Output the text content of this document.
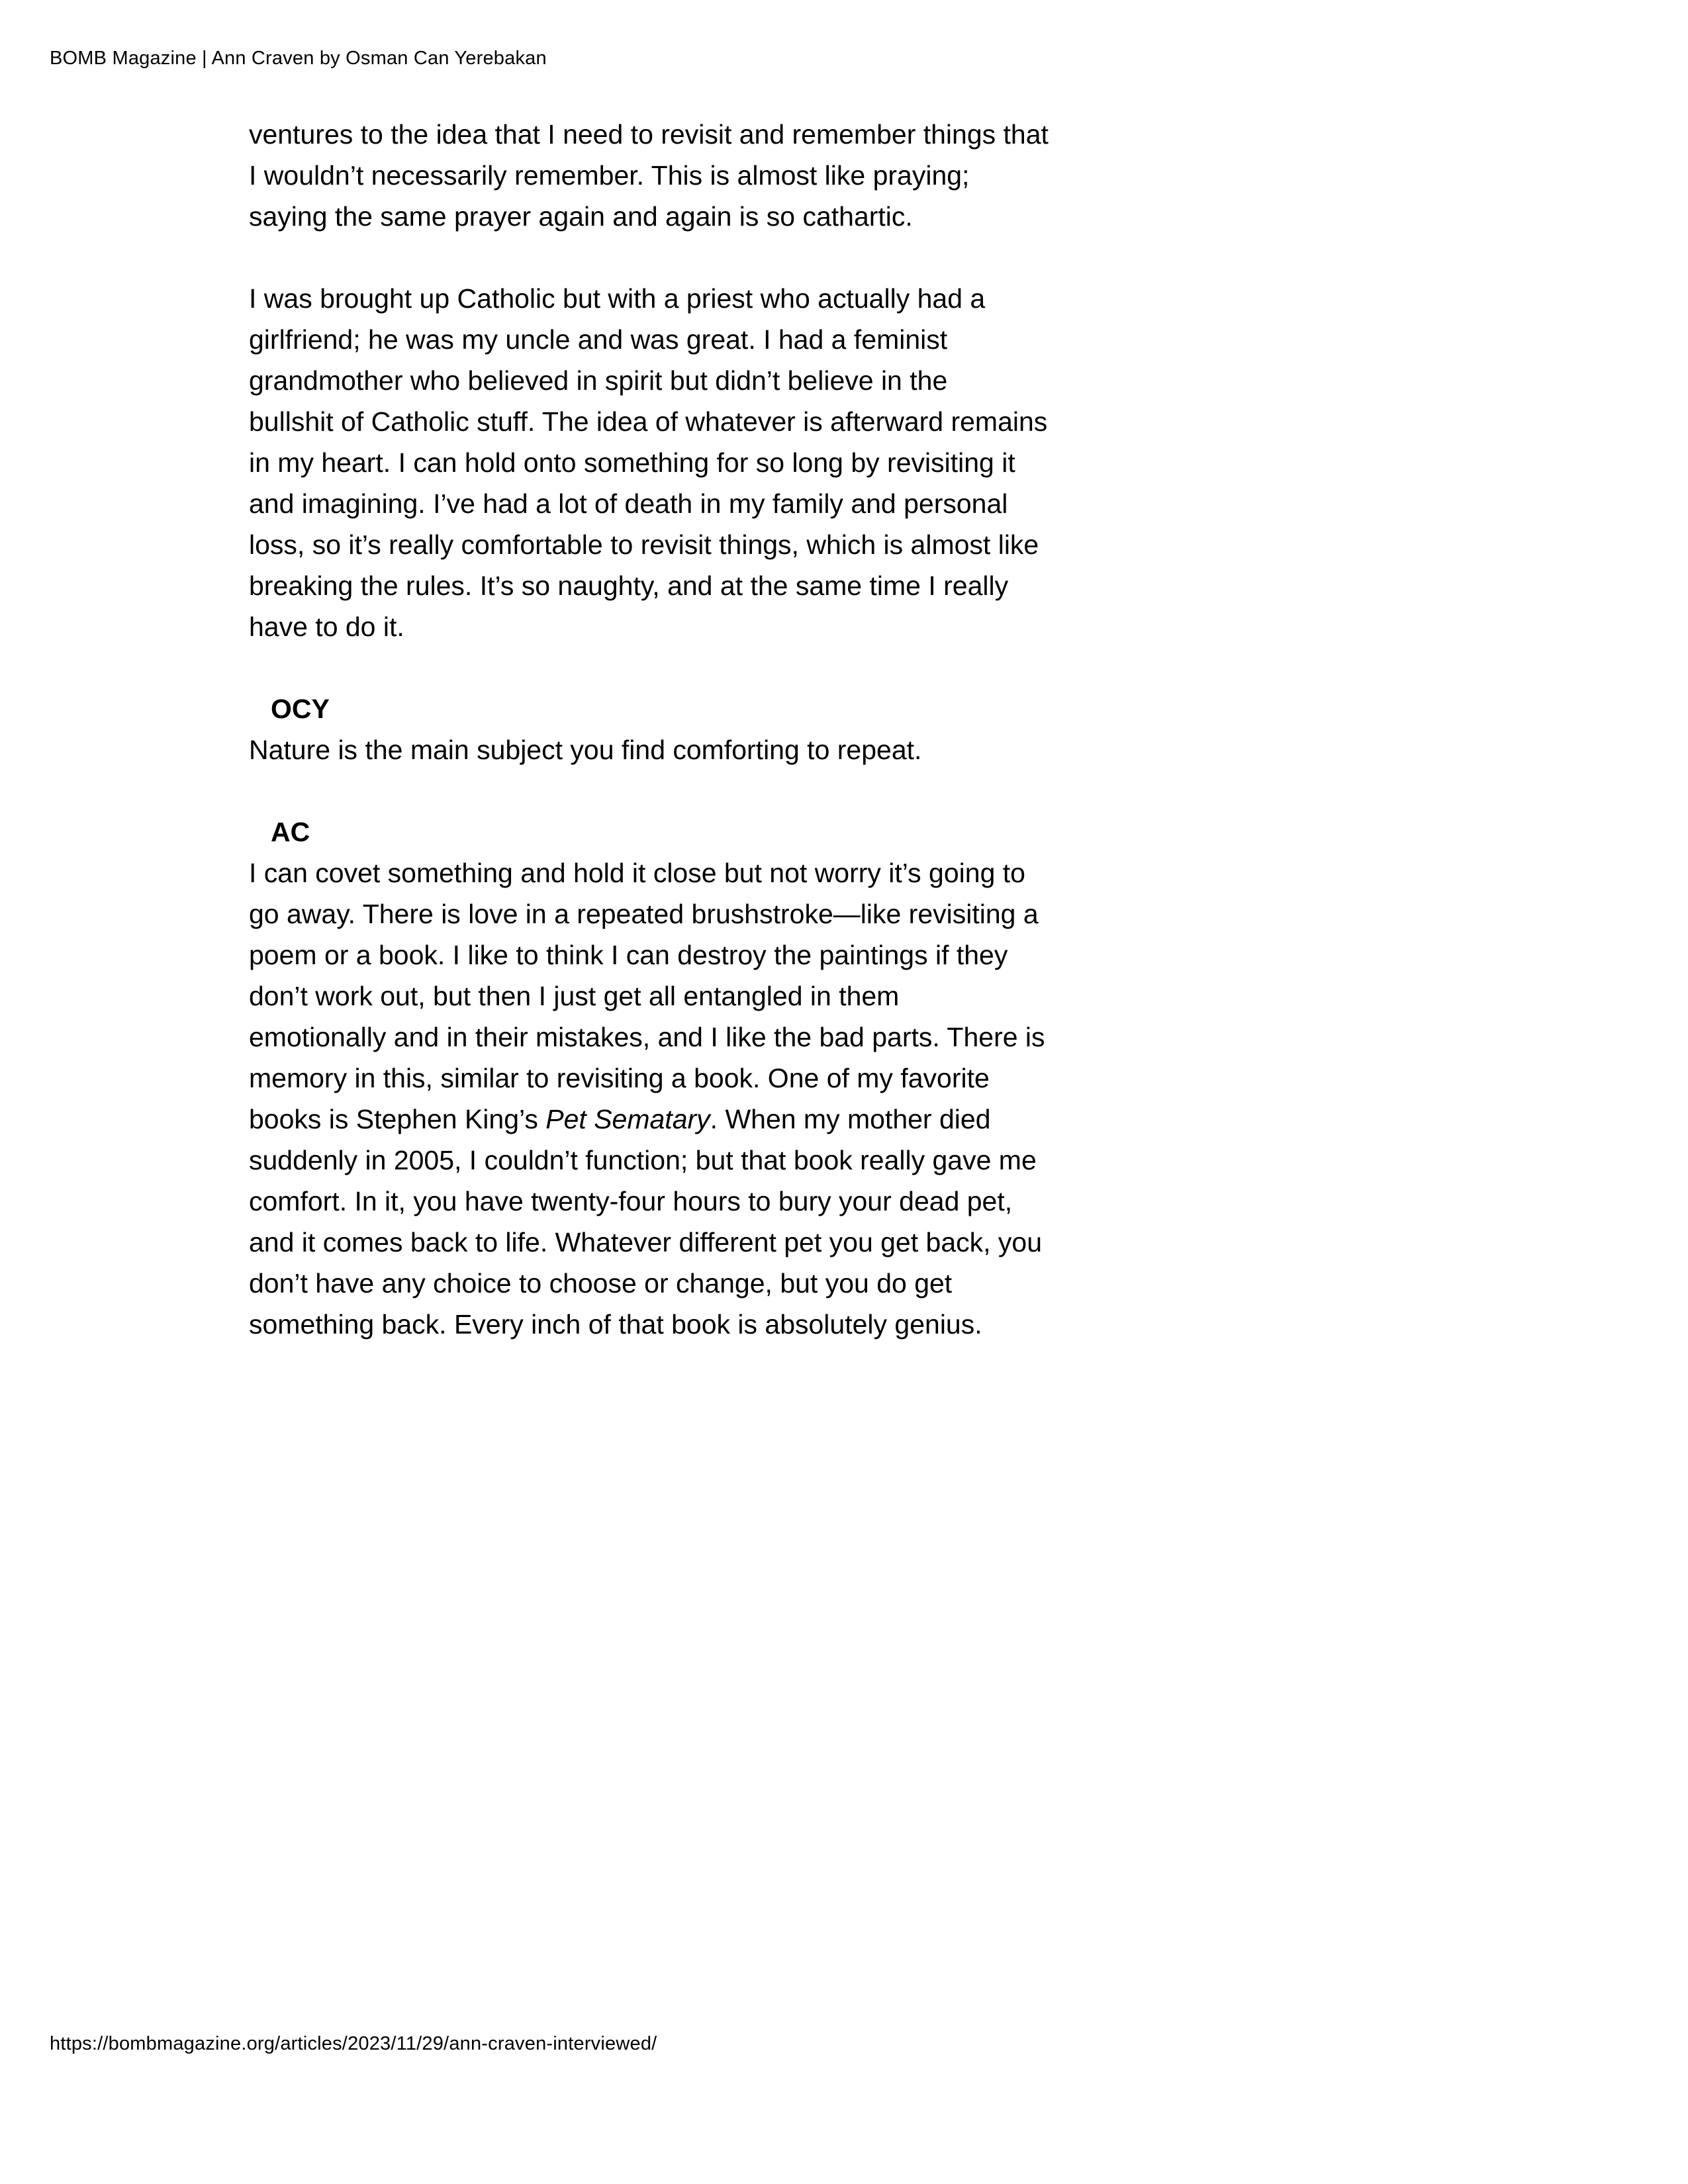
BOMB Magazine | Ann Craven by Osman Can Yerebakan

ventures to the idea that I need to revisit and remember things that
I wouldn’t necessarily remember. This is almost like praying;
saying the same prayer again and again is so cathartic.

I was brought up Catholic but with a priest who actually had a
girlfriend; he was my uncle and was great. I had a feminist
grandmother who believed in spirit but didn’t believe in the
bullshit of Catholic stuff. The idea of whatever is afterward remains
in my heart. I can hold onto something for so long by revisiting it
and imagining. I’ve had a lot of death in my family and personal
loss, so it’s really comfortable to revisit things, which is almost like
breaking the rules. It’s so naughty, and at the same time I really
have to do it.

OCY

Nature is the main subject you find comforting to repeat.

AC

I can covet something and hold it close but not worry it’s going to
go away. There is love in a repeated brushstroke—like revisiting a
poem or a book. I like to think I can destroy the paintings if they
don’t work out, but then I just get all entangled in them
emotionally and in their mistakes, and I like the bad parts. There is
memory in this, similar to revisiting a book. One of my favorite
books is Stephen King’s Pet Sematary. When my mother died
suddenly in 2005, I couldn’t function; but that book really gave me
comfort. In it, you have twenty-four hours to bury your dead pet,
and it comes back to life. Whatever different pet you get back, you
don’t have any choice to choose or change, but you do get
something back. Every inch of that book is absolutely genius.

https://bombmagazine.org/articles/2023/11/29/ann-craven-interviewed/
